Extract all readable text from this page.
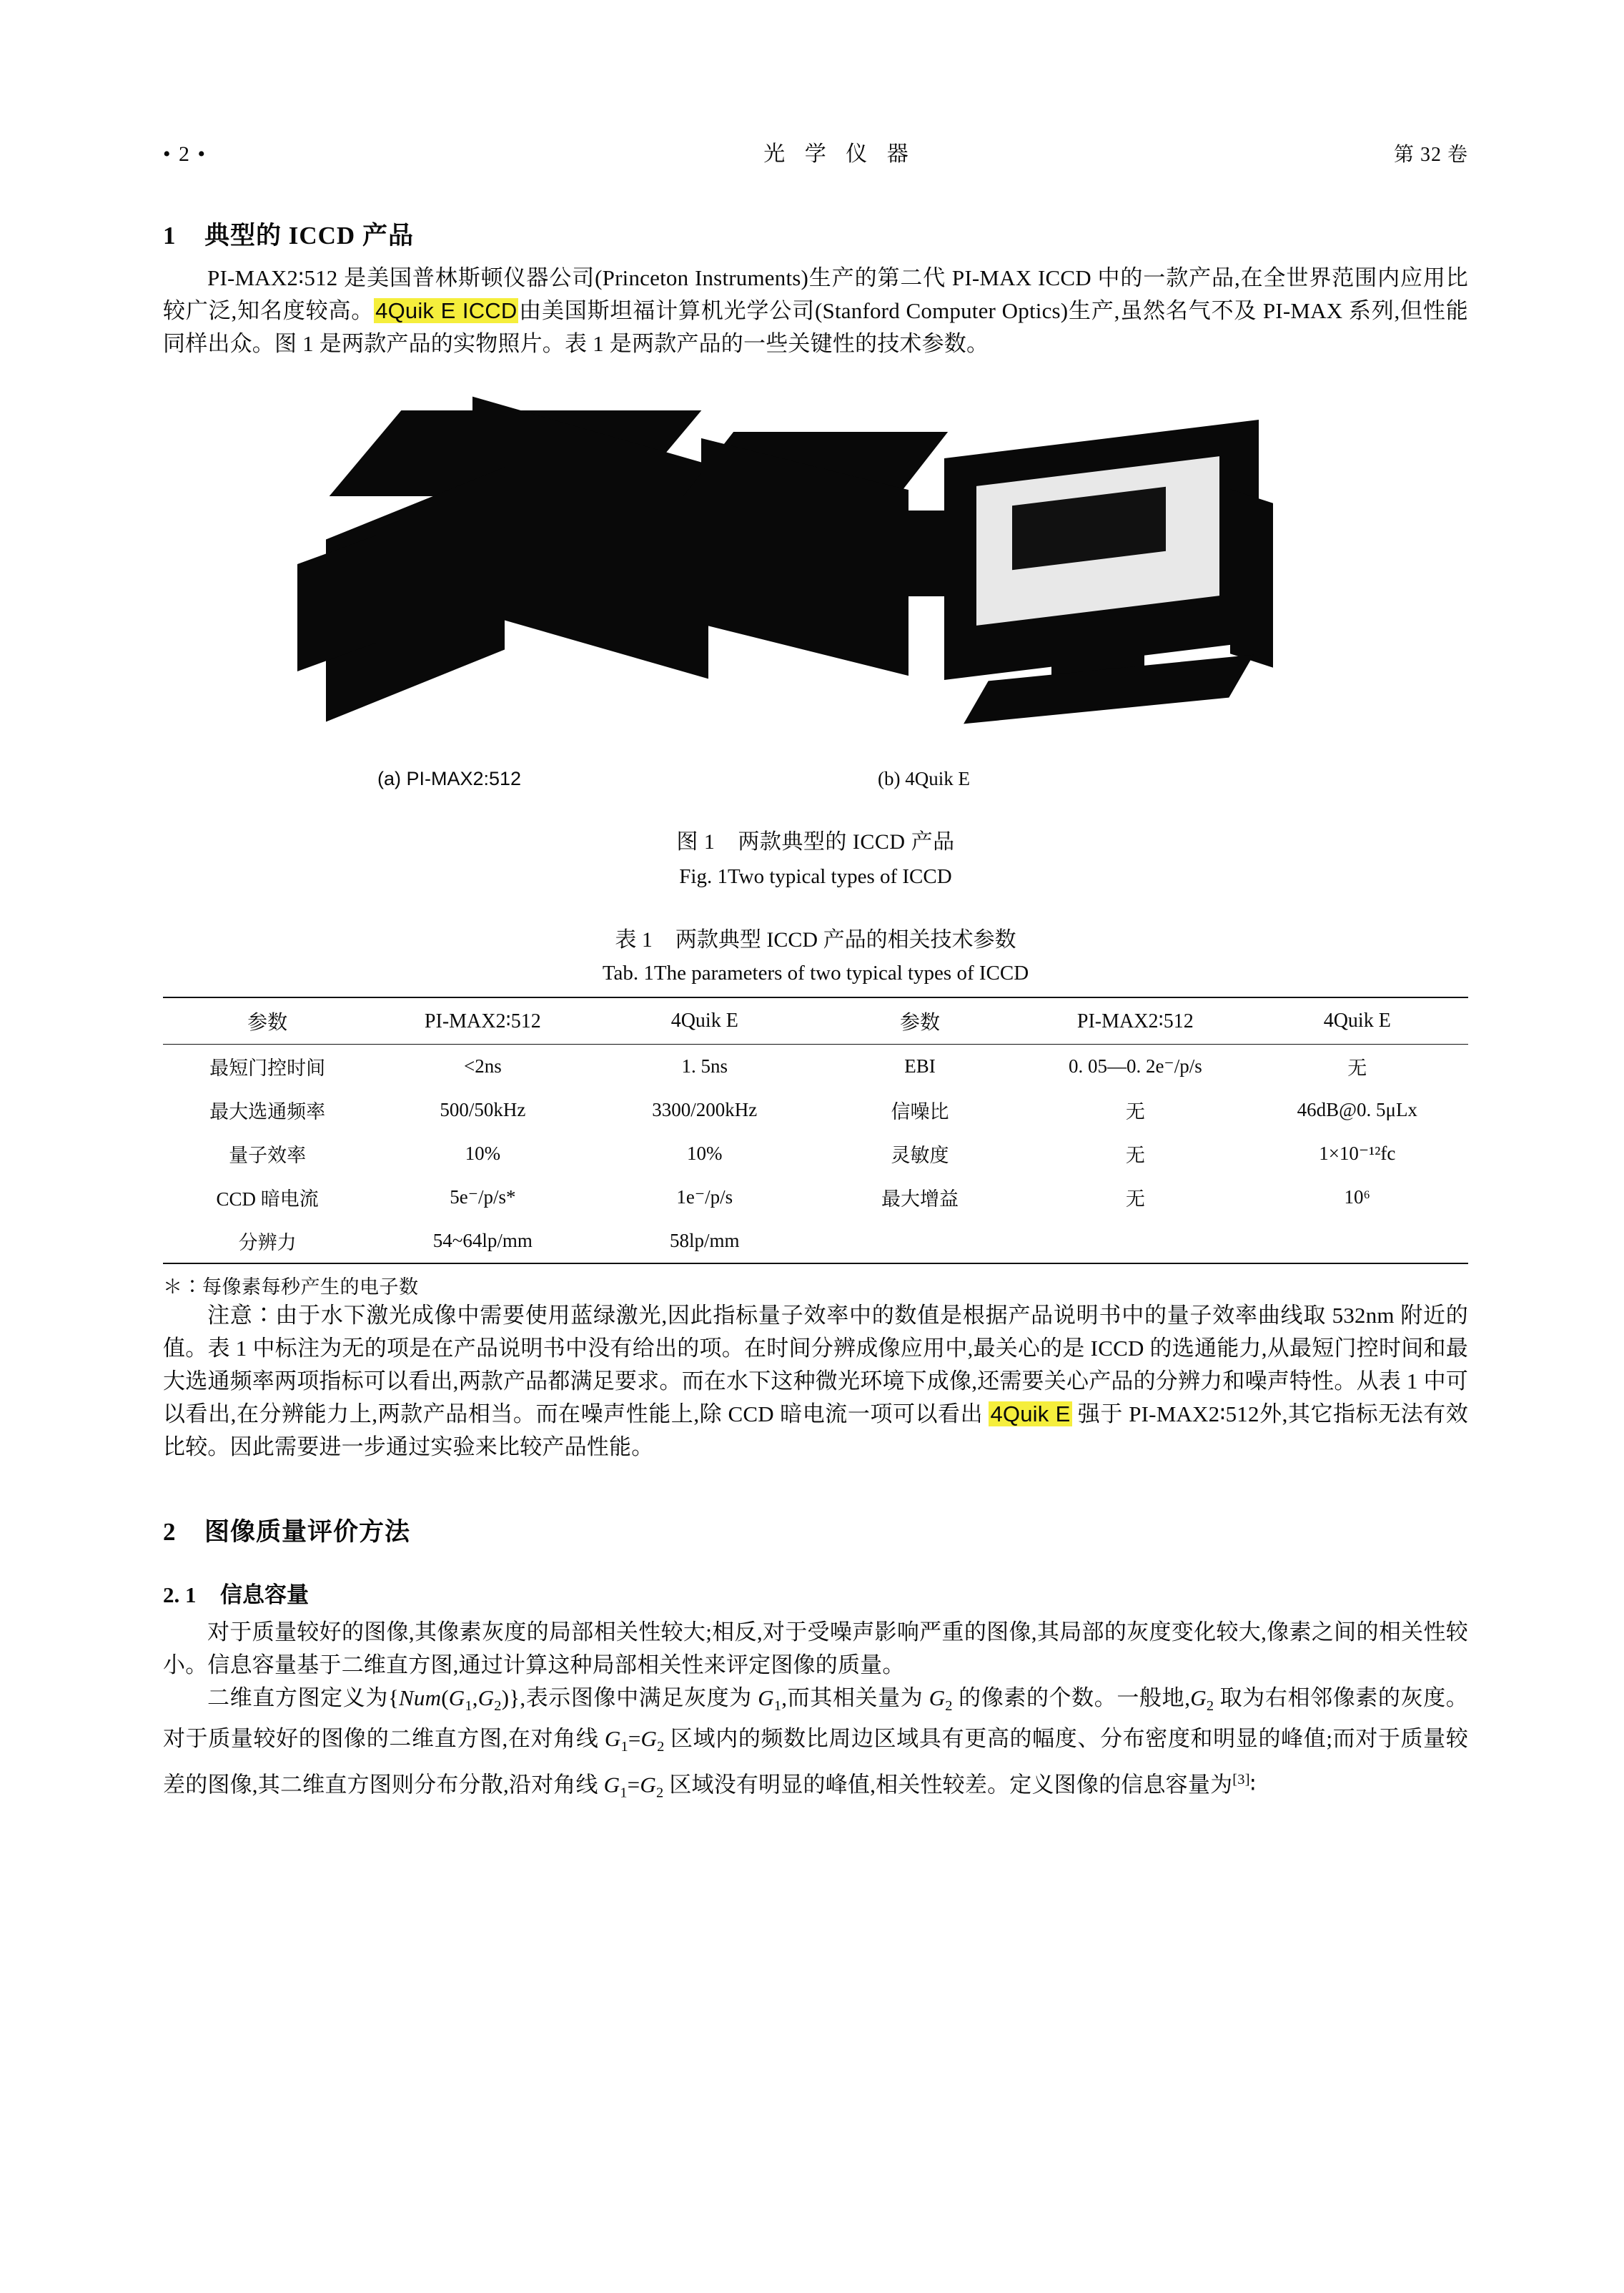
• 2 •	光 学 仪 器	第 32 卷
1 典型的 ICCD 产品

PI-MAX2∶512 是美国普林斯顿仪器公司(Princeton Instruments)生产的第二代 PI-MAX ICCD 中的一款产品,在全世界范围内应用比较广泛,知名度较高。4Quik E ICCD由美国斯坦福计算机光学公司(Stanford Computer Optics)生产,虽然名气不及 PI-MAX 系列,但性能同样出众。图 1 是两款产品的实物照片。表 1 是两款产品的一些关键性的技术参数。

(a) PI-MAX2:512	(b) 4Quik E
图 1 两款典型的 ICCD 产品
Fig. 1Two typical types of ICCD
表 1 两款典型 ICCD 产品的相关技术参数
Tab. 1The parameters of two typical types of ICCD
参数	PI-MAX2∶512	4Quik E	参数	PI-MAX2∶512	4Quik E
最短门控时间	<2ns	1. 5ns	EBI	0. 05—0. 2e⁻/p/s	无
最大选通频率	500/50kHz	3300/200kHz	信噪比	无	46dB@0. 5μLx
量子效率	10%	10%	灵敏度	无	1×10⁻¹²fc
CCD 暗电流	5e⁻/p/s*	1e⁻/p/s	最大增益	无	10⁶
分辨力	54~64lp/mm	58lp/mm			
＊∶每像素每秒产生的电子数

注意∶由于水下激光成像中需要使用蓝绿激光,因此指标量子效率中的数值是根据产品说明书中的量子效率曲线取 532nm 附近的值。表 1 中标注为无的项是在产品说明书中没有给出的项。在时间分辨成像应用中,最关心的是 ICCD 的选通能力,从最短门控时间和最大选通频率两项指标可以看出,两款产品都满足要求。而在水下这种微光环境下成像,还需要关心产品的分辨力和噪声特性。从表 1 中可以看出,在分辨能力上,两款产品相当。而在噪声性能上,除 CCD 暗电流一项可以看出 4Quik E 强于 PI-MAX2∶512外,其它指标无法有效比较。因此需要进一步通过实验来比较产品性能。

2 图像质量评价方法
2. 1 信息容量

对于质量较好的图像,其像素灰度的局部相关性较大;相反,对于受噪声影响严重的图像,其局部的灰度变化较大,像素之间的相关性较小。信息容量基于二维直方图,通过计算这种局部相关性来评定图像的质量。

二维直方图定义为$\{Num(G_1,G_2)\}$,表示图像中满足灰度为 $G_1$,而其相关量为 $G_2$ 的像素的个数。一般地$,G_2$ 取为右相邻像素的灰度。对于质量较好的图像的二维直方图,在对角线 $G_1=G_2$ 区域内的频数比周边区域具有更高的幅度、分布密度和明显的峰值;而对于质量较差的图像,其二维直方图则分布分散,沿对角线 $G_1=G_2$ 区域没有明显的峰值,相关性较差。定义图像的信息容量为[3]∶
